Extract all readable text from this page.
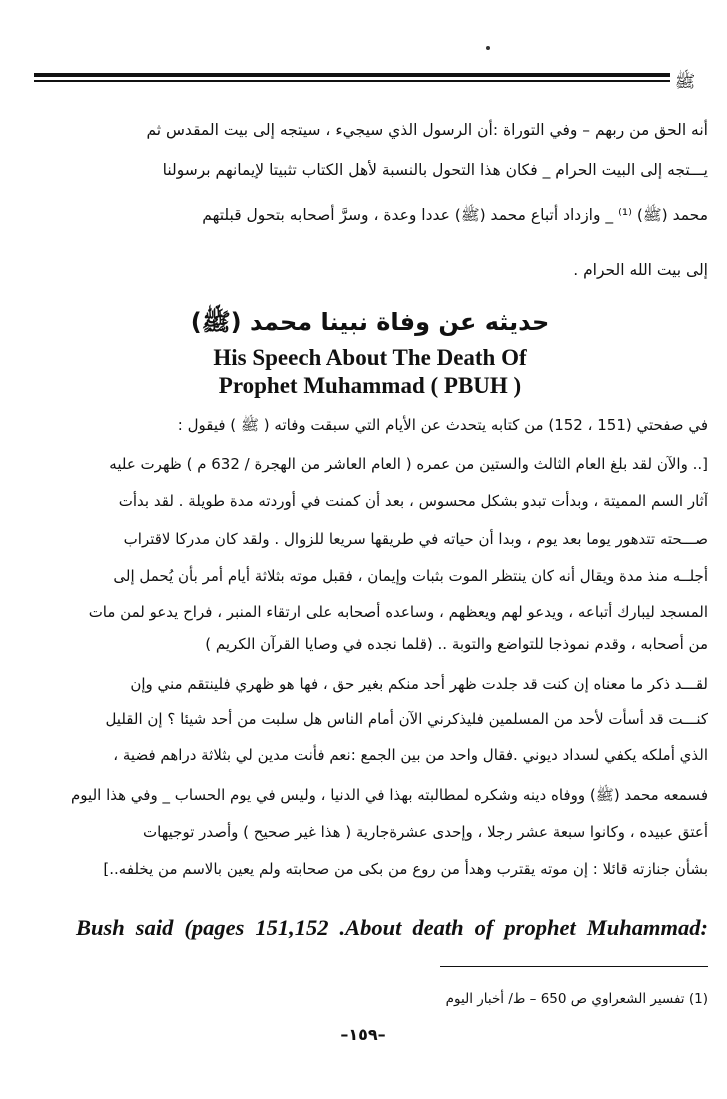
ﷺ
أنه الحق من ربهم – وفي التوراة :أن الرسول الذي سيجيء ، سيتجه إلى بيت المقدس ثم
يـــتجه إلى البيت الحرام _ فكان هذا التحول بالنسبة لأهل الكتاب تثبيتا لإيمانهم برسولنا
محمد (ﷺ) ⁽¹⁾ _ وازداد أتباع محمد (ﷺ) عددا وعدة ، وسرَّ أصحابه بتحول قبلتهم
إلى بيت الله الحرام .
حديثه عن وفاة نبينا محمد (ﷺ)
His Speech About The Death Of
Prophet Muhammad ( PBUH )
في صفحتي (151 ، 152) من كتابه يتحدث عن الأيام التي سبقت وفاته ( ﷺ ) فيقول :
[.. والآن لقد بلغ العام الثالث والستين من عمره ( العام العاشر من الهجرة / 632 م ) ظهرت عليه
آثار السم المميتة ، وبدأت تبدو بشكل محسوس ، بعد أن كمنت في أوردته مدة طويلة . لقد بدأت
صـــحته تتدهور يوما بعد يوم ، وبدا أن حياته في طريقها سريعا للزوال . ولقد كان مدركا لاقتراب
أجلــه منذ مدة ويقال أنه كان ينتظر الموت بثبات وإيمان ، فقبل موته بثلاثة أيام أمر بأن يُحمل إلى
المسجد ليبارك أتباعه ، ويدعو لهم ويعظهم ، وساعده أصحابه على ارتقاء المنبر ، فراح يدعو لمن مات
من أصحابه ، وقدم نموذجا للتواضع والتوبة .. (قلما نجده في وصايا القرآن الكريم )
لقـــد ذكر ما معناه إن كنت قد جلدت ظهر أحد منكم بغير حق ، فها هو ظهري فلينتقم مني وإن
كنـــت قد أسأت لأحد من المسلمين فليذكرني الآن أمام الناس هل سلبت من أحد شيئا ؟ إن القليل
الذي أملكه يكفي لسداد ديوني .فقال واحد من بين الجمع :نعم فأنت مدين لي بثلاثة دراهم فضية ،
فسمعه محمد (ﷺ) ووفاه دينه وشكره لمطالبته بهذا في الدنيا ، وليس في يوم الحساب _ وفي هذا اليوم
أعتق عبيده ، وكانوا سبعة عشر رجلا ، وإحدى عشرةجارية ( هذا غير صحيح ) وأصدر توجيهات
بشأن جنازته قائلا : إن موته يقترب وهدأ من روع من بكى من صحابته ولم يعين بالاسم من يخلفه..]
Bush said (pages 151,152 .About death of prophet Muhammad:
(1) تفسير الشعراوي ص 650 – ط/ أخبار اليوم
–١٥٩–
